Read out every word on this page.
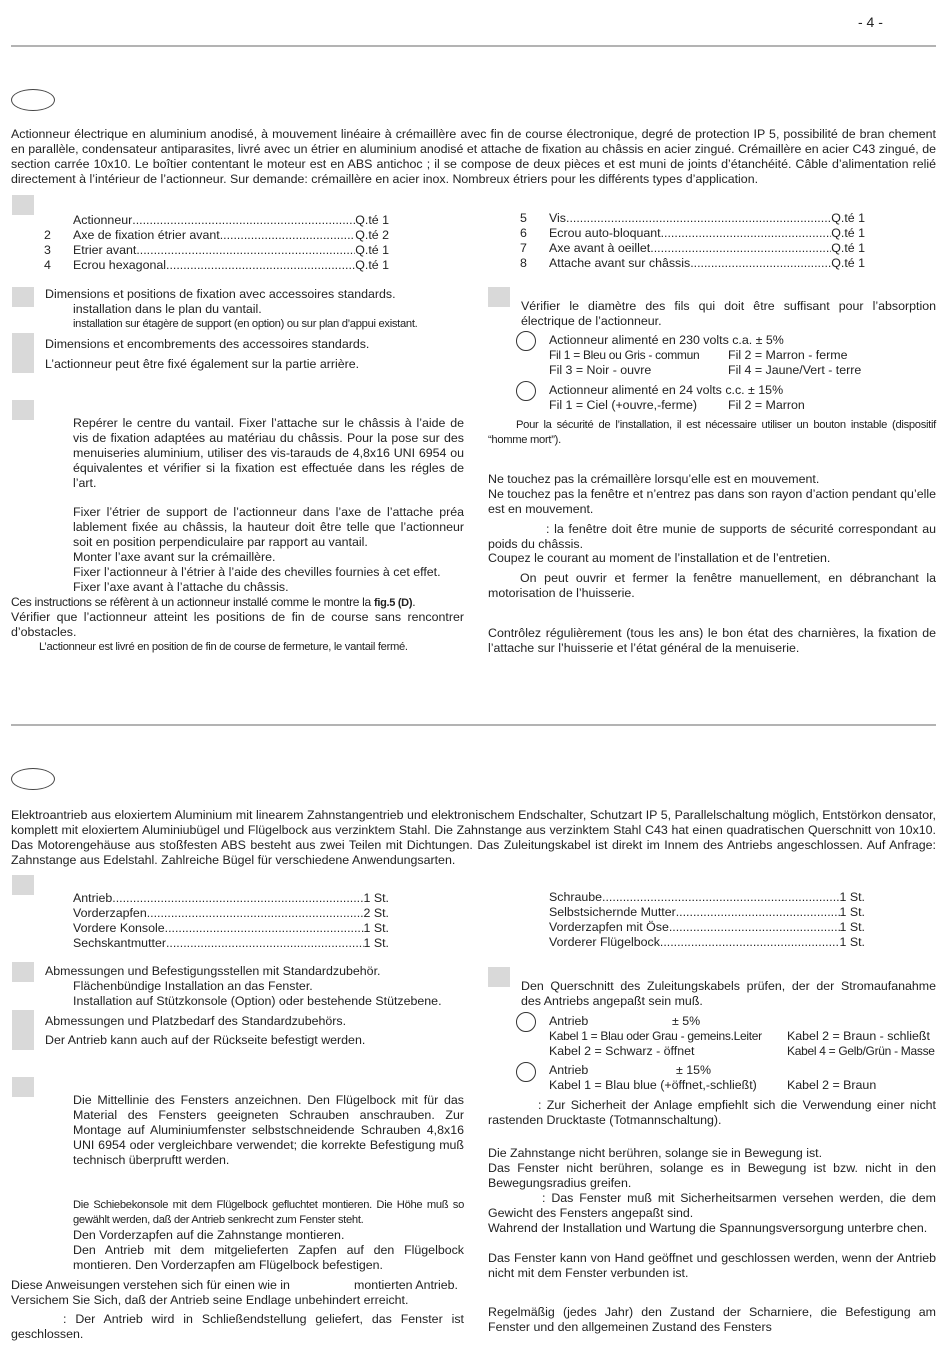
- 4 -
Actionneur électrique en aluminium anodisé, à mouvement linéaire à crémaillère avec fin de course électronique, degré de protection IP 5, possibilité de bran chement en parallèle, condensateur antiparasites, livré avec un étrier en aluminium anodisé et attache de fixation au châssis en acier zingué. Crémaillère en acier C43 zingué, de section carrée 10x10. Le boîtier contentant le moteur est en ABS antichoc ; il se compose de deux pièces et est muni de joints d’étanchéité. Câble d’alimentation relié directement à l’intérieur de l’actionneur. Sur demande: crémaillère en acier inox. Nombreux étriers pour les différents types d’application.
Actionneur .....	Q.té 1
2 Axe de fixation étrier avant .....	Q.té 2
3 Etrier avant .....	Q.té 1
4 Ecrou hexagonal .....	Q.té 1
5 Vis .....	Q.té 1
6 Ecrou auto-bloquant .....	Q.té 1
7 Axe avant à oeillet .....	Q.té 1
8 Attache avant sur châssis .....	Q.té 1
Dimensions et positions de fixation avec accessoires standards.
installation dans le plan du vantail.
installation sur étagère de support (en option) ou sur plan d’appui existant.
Dimensions et encombrements des accessoires standards.
L’actionneur peut être fixé également sur la partie arrière.
Repérer le centre du vantail. Fixer l’attache sur le châssis à l’aide de vis de fixation adaptées au matériau du châssis. Pour la pose sur des menuiseries aluminium, utiliser des vis-tarauds de 4,8x16 UNI 6954 ou équivalentes et vérifier si la fixation est effectuée dans les régles de l’art.
Fixer l’étrier de support de l’actionneur dans l’axe de l’attache préa lablement fixée au châssis, la hauteur doit être telle que l’actionneur soit en position perpendiculaire par rapport au vantail.
Monter l’axe avant sur la crémaillère.
Fixer l’actionneur à l’étrier à l’aide des chevilles fournies à cet effet.
Fixer l’axe avant à l’attache du châssis.
Ces instructions se réfèrent à un actionneur installé comme le montre la fig.5 (D).
Vérifier que l’actionneur atteint les positions de fin de course sans rencontrer d’obstacles.
L’actionneur est livré en position de fin de course de fermeture, le vantail fermé.
Vérifier le diamètre des fils qui doit être suffisant pour l’absorption électrique de l’actionneur.
Actionneur alimenté en 230 volts c.a. ± 5%
Fil 1 = Bleu ou Gris - commun Fil 2 = Marron - ferme
Fil 3 = Noir - ouvre	Fil 4 = Jaune/Vert - terre
Actionneur alimenté en 24 volts c.c. ± 15%
Fil 1 = Ciel (+ouvre,-ferme) Fil 2 = Marron
Pour la sécurité de l’installation, il est nécessaire utiliser un bouton instable (dispositif “homme mort”).
Ne touchez pas la crémaillère lorsqu’elle est en mouvement.
Ne touchez pas la fenêtre et n’entrez pas dans son rayon d’action pendant qu’elle est en mouvement.
: la fenêtre doit être munie de supports de sécurité correspondant au poids du châssis.
Coupez le courant au moment de l’installation et de l’entretien.
On peut ouvrir et fermer la fenêtre manuellement, en débranchant la motorisation de l’huisserie.
Contrôlez régulièrement (tous les ans) le bon état des charnières, la fixation de l’attache sur l’huisserie et l’état général de la menuiserie.
Elektroantrieb aus eloxiertem Aluminium mit linearem Zahnstangentrieb und elektronischem Endschalter, Schutzart IP 5, Parallelschaltung möglich, Entstörkon densator, komplett mit eloxiertem Aluminiubügel und Flügelbock aus verzinktem Stahl. Die Zahnstange aus verzinktem Stahl C43 hat einen quadratischen Querschnitt von 10x10. Das Motorengehäuse aus stoßfesten ABS besteht aus zwei Teilen mit Dichtungen. Das Zuleitungskabel ist direkt im Innem des Antriebs angeschlossen. Auf Anfrage: Zahnstange aus Edelstahl. Zahlreiche Bügel für verschiedene Anwendungsarten.
Antrieb .....	1 St.
Vorderzapfen .....	2 St.
Vordere Konsole .....	1 St.
Sechskantmutter .....	1 St.
Schraube .....	1 St.
Selbstsichernde Mutter .....	1 St.
Vorderzapfen mit Öse .....	1 St.
Vorderer Flügelbock .....	1 St.
Abmessungen und Befestigungsstellen mit Standardzubehör.
Flächenbündige Installation an das Fenster.
Installation auf Stützkonsole (Option) oder bestehende Stützebene.
Abmessungen und Platzbedarf des Standardzubehörs.
Der Antrieb kann auch auf der Rückseite befestigt werden.
Die Mittellinie des Fensters anzeichnen. Den Flügelbock mit für das Material des Fensters geeigneten Schrauben anschrauben. Zur Montage auf Aluminiumfenster selbstschneidende Schrauben 4,8x16 UNI 6954 oder vergleichbare verwendet; die korrekte Befestigung muß technisch überpruftt werden.
Die Schiebekonsole mit dem Flügelbock gefluchtet montieren. Die Höhe muß so gewählt werden, daß der Antrieb senkrecht zum Fenster steht.
Den Vorderzapfen auf die Zahnstange montieren.
Den Antrieb mit dem mitgelieferten Zapfen auf den Flügelbock montieren. Den Vorderzapfen am Flügelbock befestigen.
Diese Anweisungen verstehen sich für einen wie in	montierten Antrieb.
Versichem Sie Sich, daß der Antrieb seine Endlage unbehindert erreicht.
: Der Antrieb wird in Schließendstellung geliefert, das Fenster ist geschlossen.
Den Querschnitt des Zuleitungskabels prüfen, der der Stromaufanahme des Antriebs angepaßt sein muß.
Antrieb	± 5%
Kabel 1 = Blau oder Grau - gemeins.Leiter Kabel 2 = Braun - schließt
Kabel 2 = Schwarz - öffnet	Kabel 4 = Gelb/Grün - Masse
Antrieb	± 15%
Kabel 1 = Blau blue (+öffnet,-schließt) Kabel 2 = Braun
: Zur Sicherheit der Anlage empfiehlt sich die Verwendung einer nicht rastenden Drucktaste (Totmannschaltung).
Die Zahnstange nicht berühren, solange sie in Bewegung ist.
Das Fenster nicht berühren, solange es in Bewegung ist bzw. nicht in den Bewegungsradius greifen.
: Das Fenster muß mit Sicherheitsarmen versehen werden, die dem Gewicht des Fensters angepaßt sind.
Wahrend der Installation und Wartung die Spannungsversorgung unterbre chen.
Das Fenster kann von Hand geöffnet und geschlossen werden, wenn der Antrieb nicht mit dem Fenster verbunden ist.
Regelmäßig (jedes Jahr) den Zustand der Scharniere, die Befestigung am Fenster und den allgemeinen Zustand des Fensters
